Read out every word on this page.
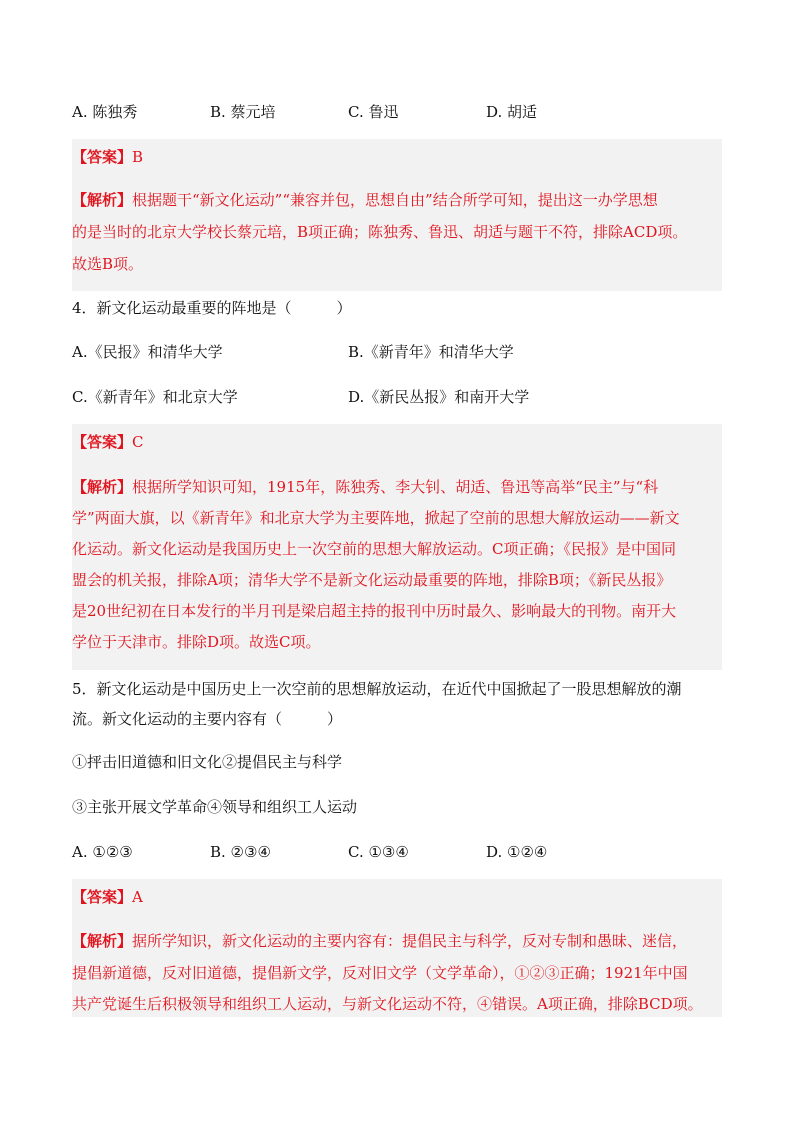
A. 陈独秀	B. 蔡元培	C. 鲁迅	D. 胡适
【答案】B
【解析】根据题干“新文化运动”“兼容并包，思想自由”结合所学可知，提出这一办学思想
的是当时的北京大学校长蔡元培，B项正确；陈独秀、鲁迅、胡适与题干不符，排除ACD项。
故选B项。
4．新文化运动最重要的阵地是（　　　）
A.《民报》和清华大学	B.《新青年》和清华大学
C.《新青年》和北京大学	D.《新民丛报》和南开大学
【答案】C
【解析】根据所学知识可知，1915年，陈独秀、李大钊、胡适、鲁迅等高举“民主”与“科
学”两面大旗，以《新青年》和北京大学为主要阵地，掀起了空前的思想大解放运动——新文
化运动。新文化运动是我国历史上一次空前的思想大解放运动。C项正确；《民报》是中国同
盟会的机关报，排除A项；清华大学不是新文化运动最重要的阵地，排除B项；《新民丛报》
是20世纪初在日本发行的半月刊是梁启超主持的报刊中历时最久、影响最大的刊物。南开大
学位于天津市。排除D项。故选C项。
5．新文化运动是中国历史上一次空前的思想解放运动，在近代中国掀起了一股思想解放的潮
流。新文化运动的主要内容有（　　　）
①抨击旧道德和旧文化②提倡民主与科学
③主张开展文学革命④领导和组织工人运动
A. ①②③	B. ②③④	C. ①③④	D. ①②④
【答案】A
【解析】据所学知识，新文化运动的主要内容有：提倡民主与科学，反对专制和愚昧、迷信，
提倡新道德，反对旧道德，提倡新文学，反对旧文学（文学革命），①②③正确；1921年中国
共产党诞生后积极领导和组织工人运动，与新文化运动不符，④错误。A项正确，排除BCD项。
